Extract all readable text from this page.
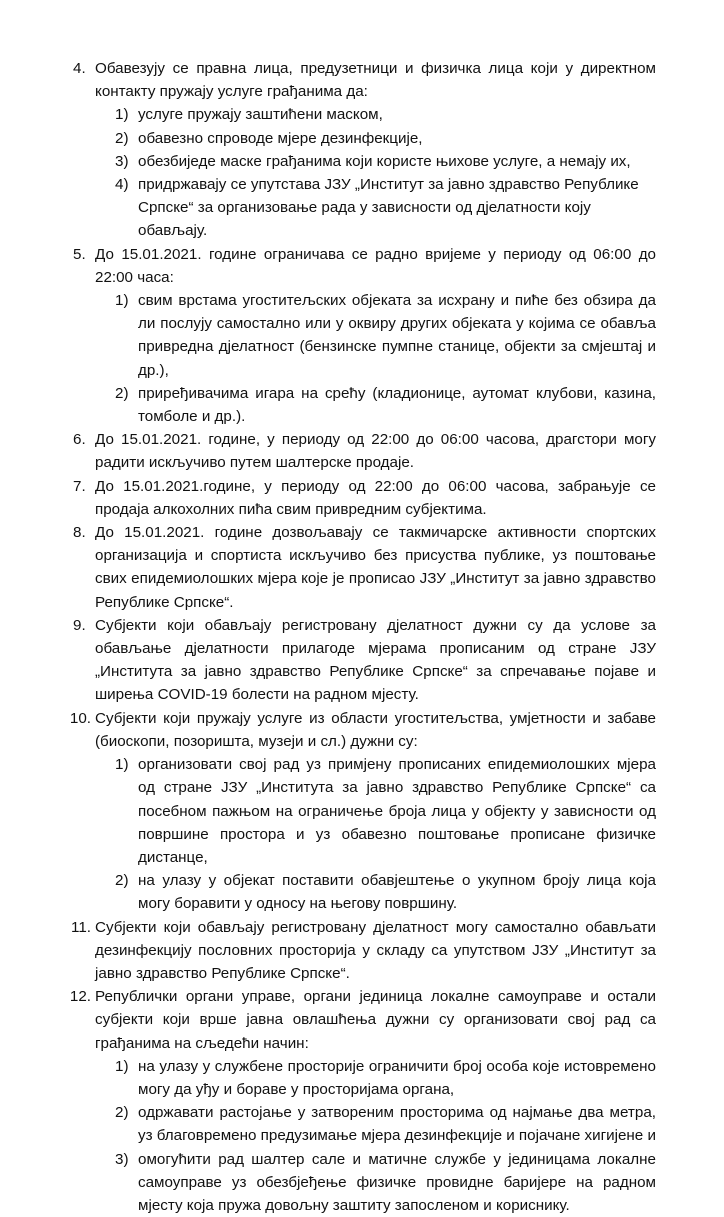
4. Обавезују се правна лица, предузетници и физичка лица који у директном контакту пружају услуге грађанима да:
1) услуге пружају заштићени маском,
2) обавезно спроводе мјере дезинфекције,
3) обезбиједе маске грађанима који користе њихове услуге, а немају их,
4) придржавају се упутстава ЈЗУ „Институт за јавно здравство Републике Српске“ за организовање рада у зависности од дјелатности коју обављају.
5. До 15.01.2021. године ограничава се радно вријеме у периоду од 06:00 до 22:00 часа:
1) свим врстама угоститељских објеката за исхрану и пиће без обзира да ли послују самостално или у оквиру других објеката у којима се обавља привредна дјелатност (бензинске пумпне станице, објекти за смјештај и др.),
2) приређивачима игара на срећу (кладионице, аутомат клубови, казина, томболе и др.).
6. До 15.01.2021. године, у периоду од 22:00 до 06:00 часова, драгстори могу радити искључиво путем шалтерске продаје.
7. До 15.01.2021.године, у периоду од 22:00 до 06:00 часова, забрањује се продаја алкохолних пића свим привредним субјектима.
8. До 15.01.2021. године дозвољавају се такмичарске активности спортских организација и спортиста искључиво без присуства публике, уз поштовање свих епидемиолошких мјера које је прописао ЈЗУ „Институт за јавно здравство Републике Српске“.
9. Субјекти који обављају регистровану дјелатност дужни су да услове за обављање дјелатности прилагоде мјерама прописаним од стране ЈЗУ „Института за јавно здравство Републике Српске“ за спречавање појаве и ширења COVID-19 болести на радном мјесту.
10. Субјекти који пружају услуге из области угоститељства, умјетности и забаве (биоскопи, позоришта, музеји и сл.) дужни су:
1) организовати свој рад уз примјену прописаних епидемиолошких мјера од стране ЈЗУ „Института за јавно здравство Републике Српске“ са посебном пажњом на ограничење броја лица у објекту у зависности од површине простора и уз обавезно поштовање прописане физичке дистанце,
2) на улазу у објекат поставити обавјештење о укупном броју лица која могу боравити у односу на његову површину.
11. Субјекти који обављају регистровану дјелатност могу самостално обављати дезинфекцију пословних просторија у складу са упутством ЈЗУ „Институт за јавно здравство Републике Српске“.
12. Републички органи управе, органи јединица локалне самоуправе и остали субјекти који врше јавна овлашћења дужни су организовати свој рад са грађанима на сљедећи начин:
1) на улазу у службене просторије ограничити број особа које истовремено могу да уђу и бораве у просторијама органа,
2) одржавати растојање у затвореним просторима од најмање два метра, уз благовремено предузимање мјера дезинфекције и појачане хигијене и
3) омогућити рад шалтер сале и матичне службе у јединицама локалне самоуправе уз обезбјеђење физичке провидне баријере на радном мјесту која пружа довољну заштиту запосленом и кориснику.
